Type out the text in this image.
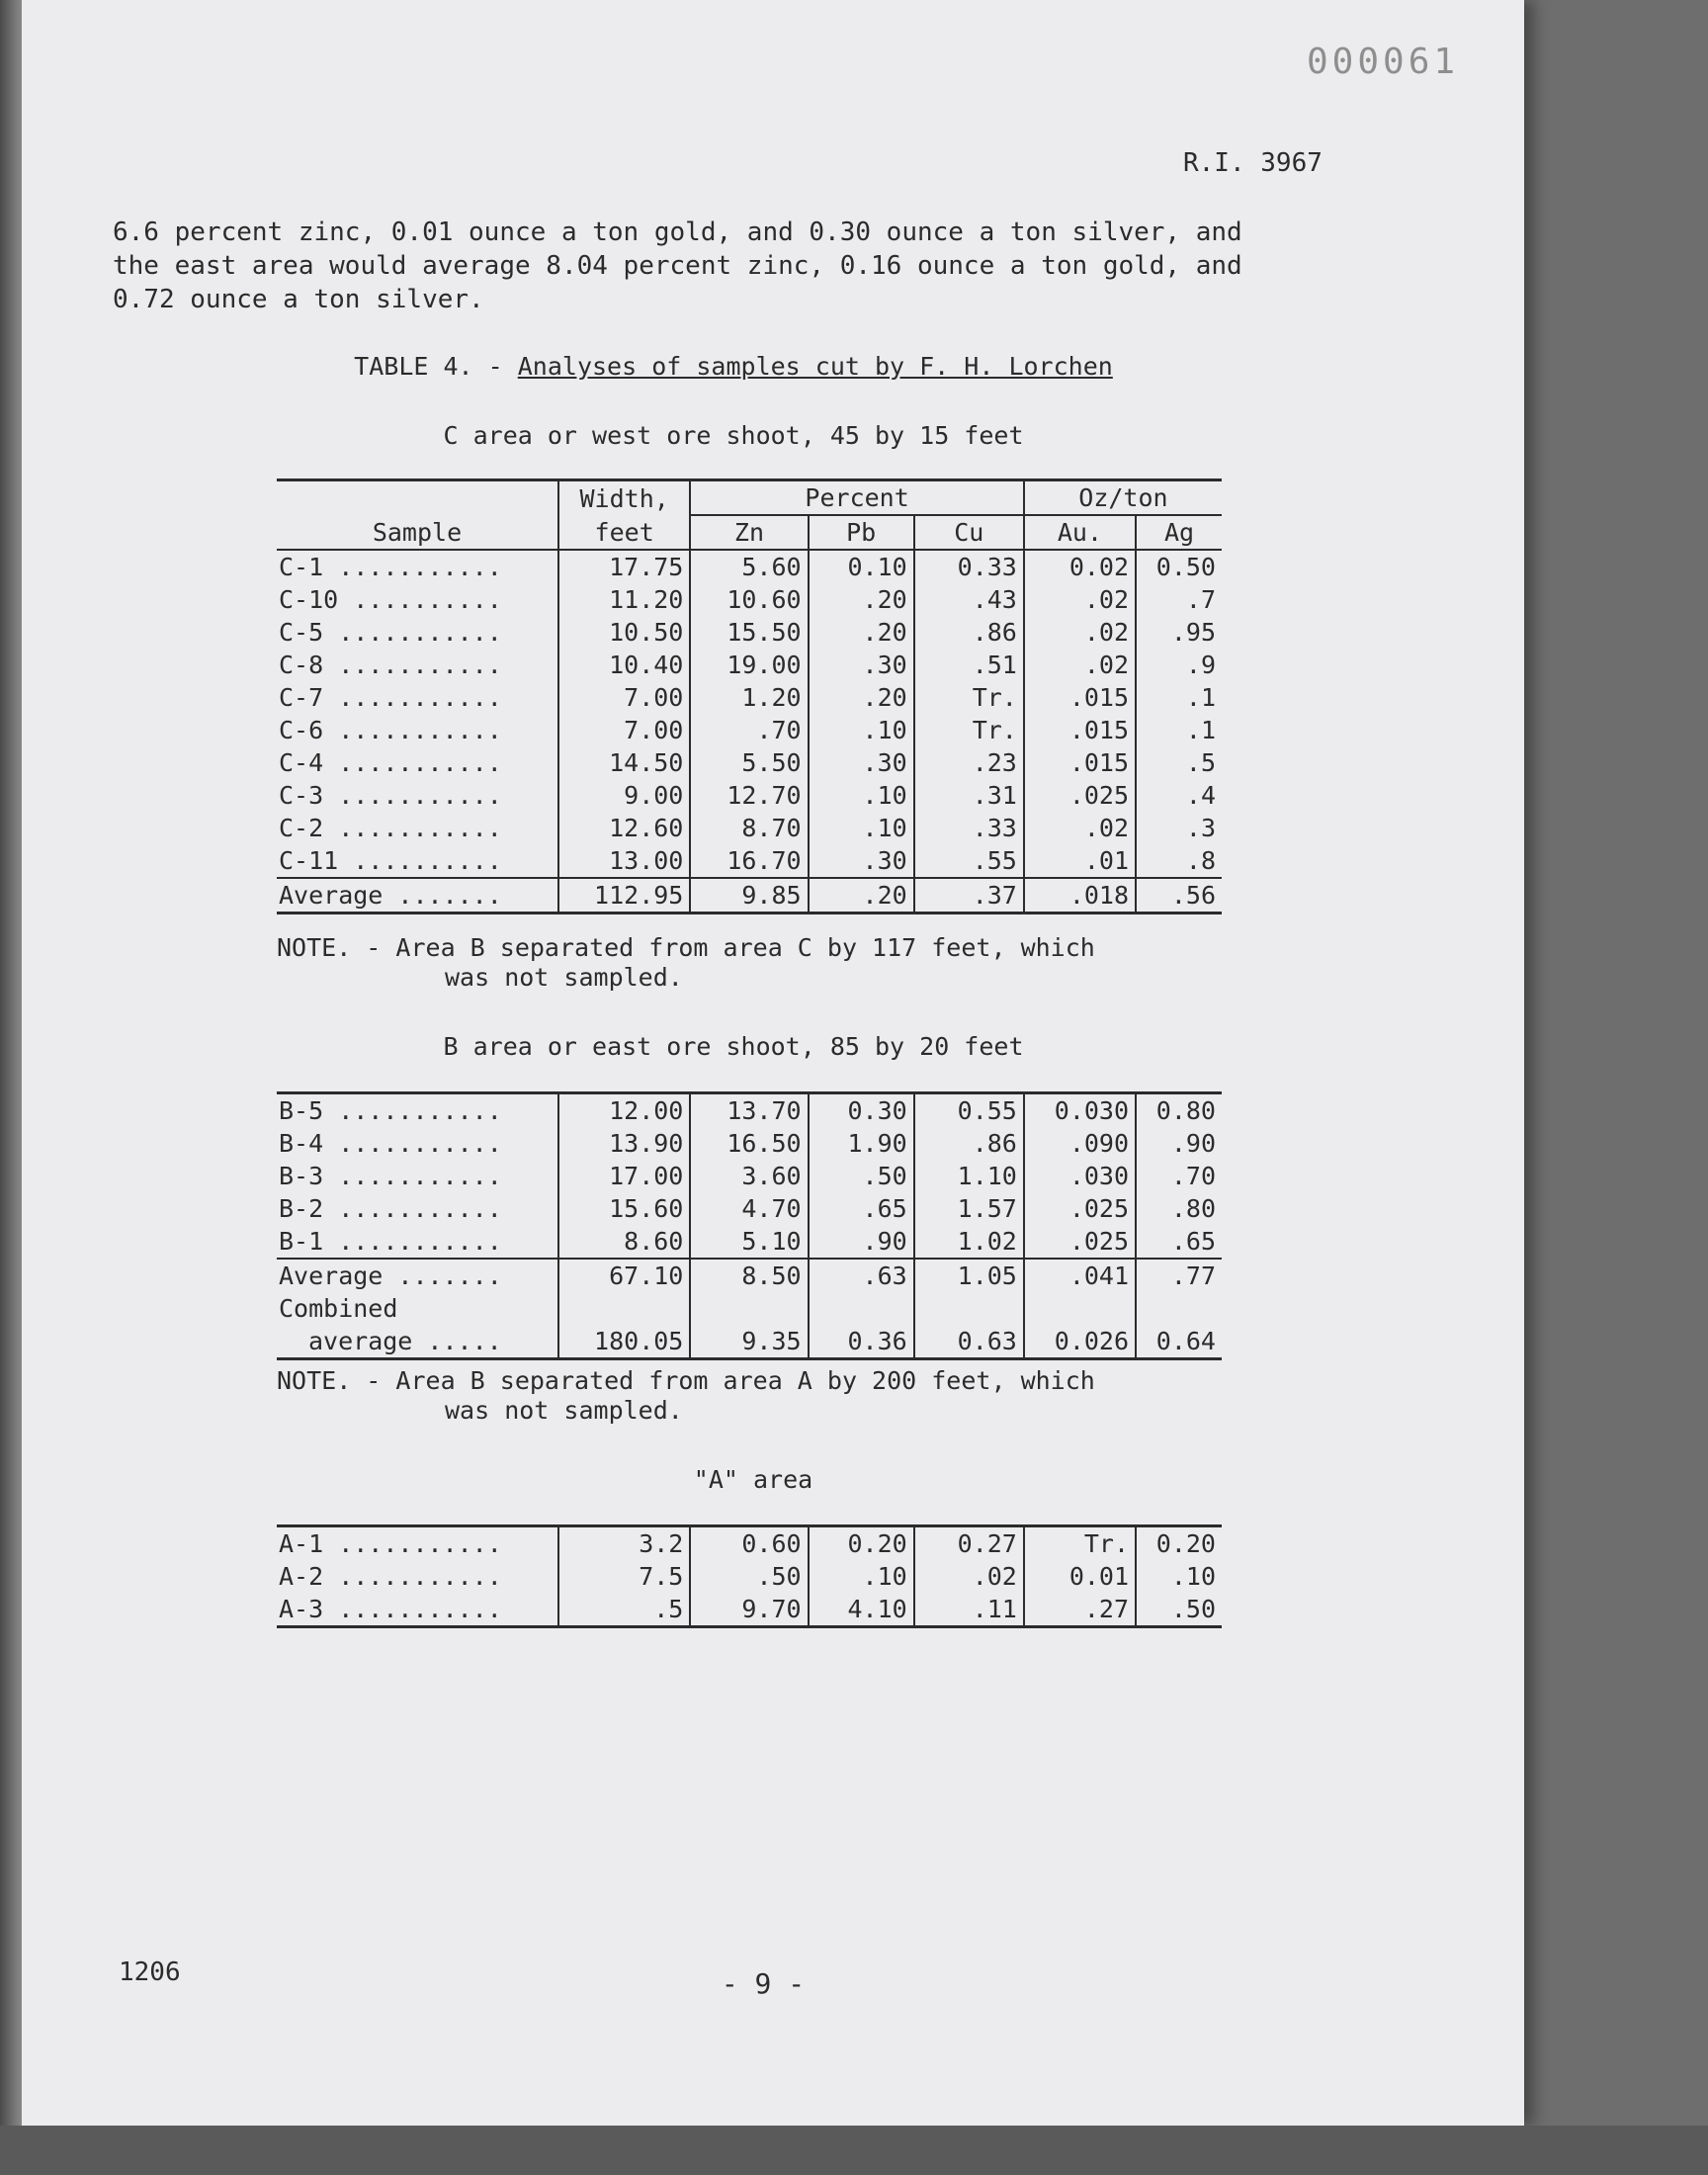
000061
R.I. 3967
6.6 percent zinc, 0.01 ounce a ton gold, and 0.30 ounce a ton silver, and
the east area would average 8.04 percent zinc, 0.16 ounce a ton gold, and
0.72 ounce a ton silver.
TABLE 4. - Analyses of samples cut by F. H. Lorchen
C area or west ore shoot, 45 by 15 feet
	Width,	Percent			Oz/ton	
Sample	feet	Zn	Pb	Cu	Au.	Ag
C-1 ...........	17.75	5.60	0.10	0.33	0.02	0.50
C-10 ..........	11.20	10.60	.20	.43	.02	.7
C-5 ...........	10.50	15.50	.20	.86	.02	.95
C-8 ...........	10.40	19.00	.30	.51	.02	.9
C-7 ...........	7.00	1.20	.20	Tr.	.015	.1
C-6 ...........	7.00	.70	.10	Tr.	.015	.1
C-4 ...........	14.50	5.50	.30	.23	.015	.5
C-3 ...........	9.00	12.70	.10	.31	.025	.4
C-2 ...........	12.60	8.70	.10	.33	.02	.3
C-11 ..........	13.00	16.70	.30	.55	.01	.8
Average .......	112.95	9.85	.20	.37	.018	.56
NOTE. - Area B separated from area C by 117 feet, which
was not sampled.
B area or east ore shoot, 85 by 20 feet
B-5 ...........	12.00	13.70	0.30	0.55	0.030	0.80
B-4 ...........	13.90	16.50	1.90	.86	.090	.90
B-3 ...........	17.00	3.60	.50	1.10	.030	.70
B-2 ...........	15.60	4.70	.65	1.57	.025	.80
B-1 ...........	8.60	5.10	.90	1.02	.025	.65
Average .......	67.10	8.50	.63	1.05	.041	.77
Combined						
average .....	180.05	9.35	0.36	0.63	0.026	0.64
NOTE. - Area B separated from area A by 200 feet, which
was not sampled.
"A" area
A-1 ...........	3.2	0.60	0.20	0.27	Tr.	0.20
A-2 ...........	7.5	.50	.10	.02	0.01	.10
A-3 ...........	.5	9.70	4.10	.11	.27	.50
1206	- 9 -
